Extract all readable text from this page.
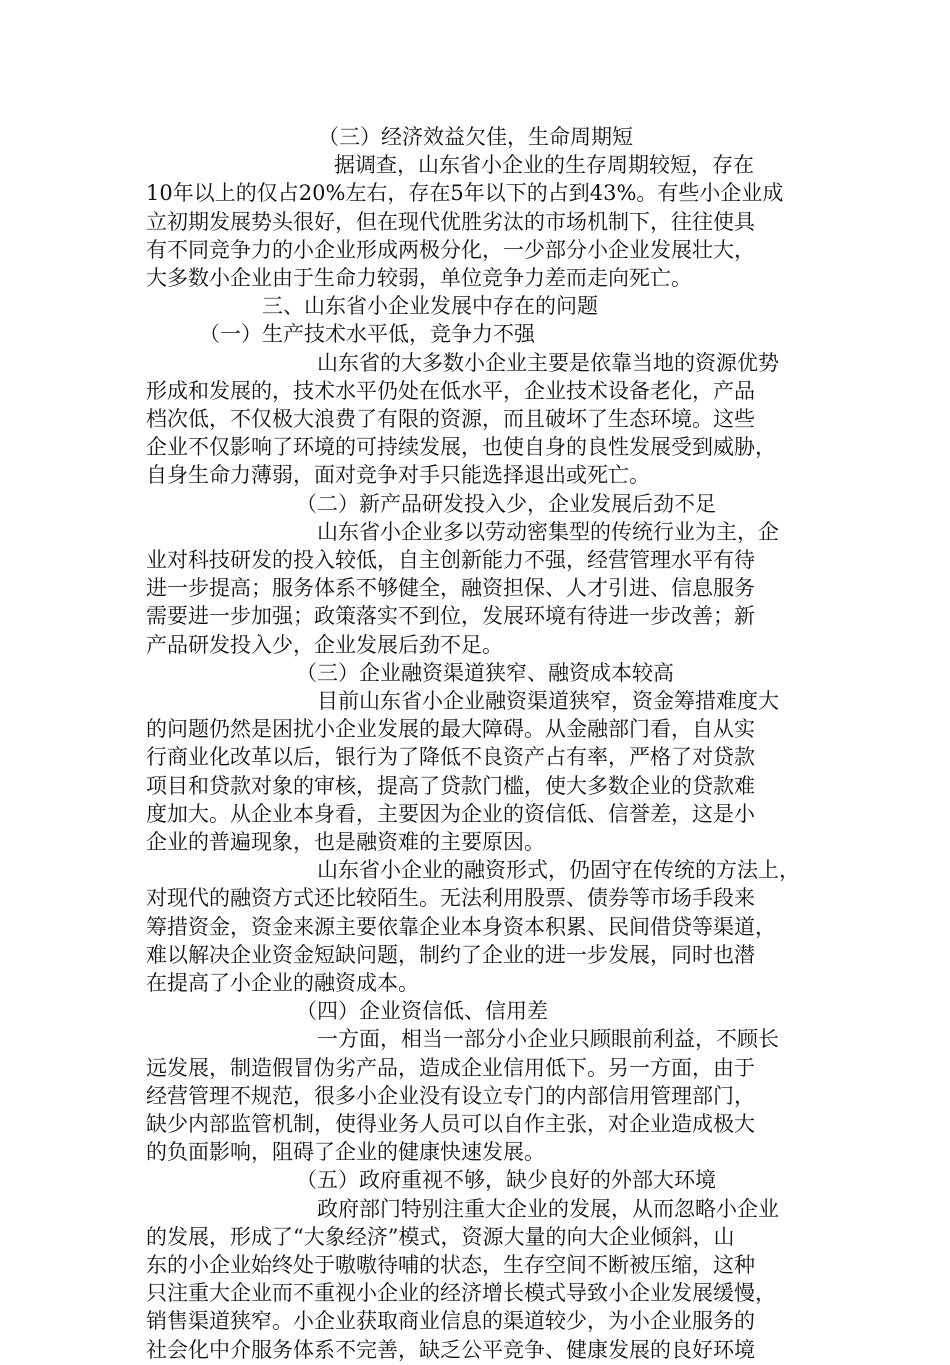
（三）经济效益欠佳，生命周期短
据调查，山东省小企业的生存周期较短，存在
10年以上的仅占20%左右，存在5年以下的占到43%。有些小企业成
立初期发展势头很好，但在现代优胜劣汰的市场机制下，往往使具
有不同竞争力的小企业形成两极分化，一少部分小企业发展壮大，
大多数小企业由于生命力较弱，单位竞争力差而走向死亡。
三、山东省小企业发展中存在的问题
（一）生产技术水平低，竞争力不强
山东省的大多数小企业主要是依靠当地的资源优势
形成和发展的，技术水平仍处在低水平，企业技术设备老化，产品
档次低，不仅极大浪费了有限的资源，而且破坏了生态环境。这些
企业不仅影响了环境的可持续发展，也使自身的良性发展受到威胁，
自身生命力薄弱，面对竞争对手只能选择退出或死亡。
（二）新产品研发投入少，企业发展后劲不足
山东省小企业多以劳动密集型的传统行业为主，企
业对科技研发的投入较低，自主创新能力不强，经营管理水平有待
进一步提高；服务体系不够健全，融资担保、人才引进、信息服务
需要进一步加强；政策落实不到位，发展环境有待进一步改善；新
产品研发投入少，企业发展后劲不足。
（三）企业融资渠道狭窄、融资成本较高
目前山东省小企业融资渠道狭窄，资金筹措难度大
的问题仍然是困扰小企业发展的最大障碍。从金融部门看，自从实
行商业化改革以后，银行为了降低不良资产占有率，严格了对贷款
项目和贷款对象的审核，提高了贷款门槛，使大多数企业的贷款难
度加大。从企业本身看，主要因为企业的资信低、信誉差，这是小
企业的普遍现象，也是融资难的主要原因。
山东省小企业的融资形式，仍固守在传统的方法上，
对现代的融资方式还比较陌生。无法利用股票、债券等市场手段来
筹措资金，资金来源主要依靠企业本身资本积累、民间借贷等渠道，
难以解决企业资金短缺问题，制约了企业的进一步发展，同时也潜
在提高了小企业的融资成本。
（四）企业资信低、信用差
一方面，相当一部分小企业只顾眼前利益，不顾长
远发展，制造假冒伪劣产品，造成企业信用低下。另一方面，由于
经营管理不规范，很多小企业没有设立专门的内部信用管理部门，
缺少内部监管机制，使得业务人员可以自作主张，对企业造成极大
的负面影响，阻碍了企业的健康快速发展。
（五）政府重视不够，缺少良好的外部大环境
政府部门特别注重大企业的发展，从而忽略小企业
的发展，形成了“大象经济”模式，资源大量的向大企业倾斜，山
东的小企业始终处于嗷嗷待哺的状态，生存空间不断被压缩，这种
只注重大企业而不重视小企业的经济增长模式导致小企业发展缓慢，
销售渠道狭窄。小企业获取商业信息的渠道较少，为小企业服务的
社会化中介服务体系不完善，缺乏公平竞争、健康发展的良好环境
